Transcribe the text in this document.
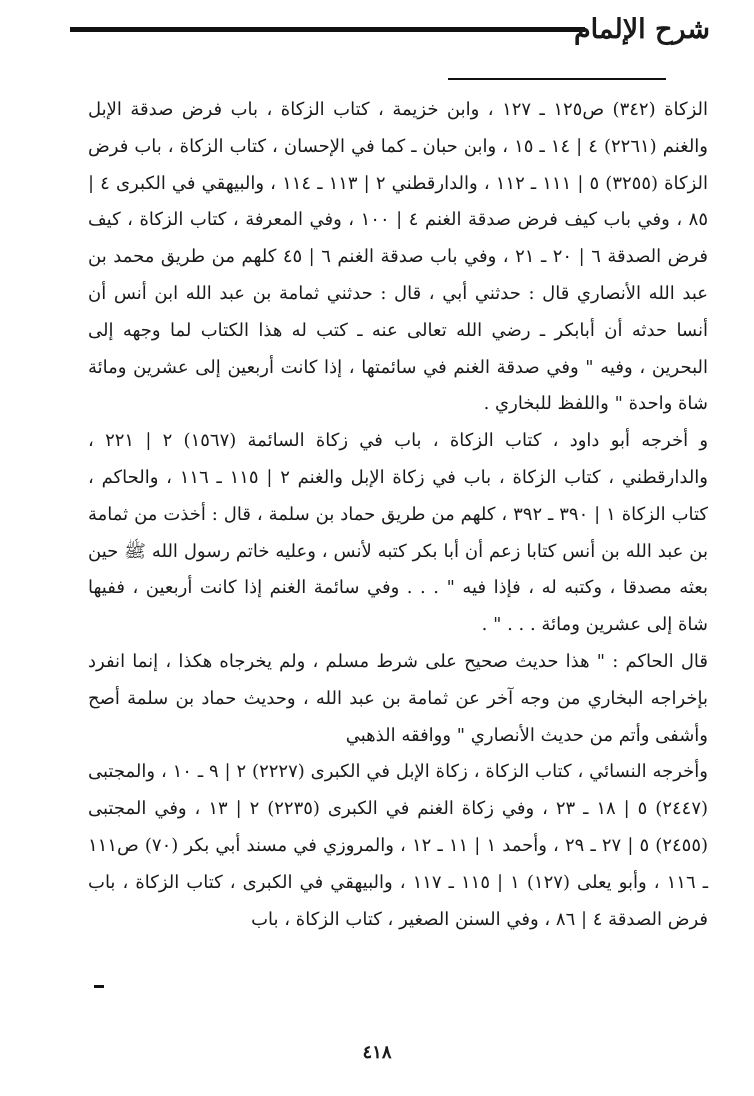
شرح الإلمام

الزكاة (٣٤٢) ص١٢٥ ـ ١٢٧ ، وابن خزيمة ، كتاب الزكاة ، باب فرض صدقة الإبل والغنم (٢٢٦١) ٤ | ١٤ ـ ١٥ ، وابن حبان ـ كما في الإحسان ، كتاب الزكاة ، باب فرض الزكاة (٣٢٥٥) ٥ | ١١١ ـ ١١٢ ، والدارقطني ٢ | ١١٣ ـ ١١٤ ، والبيهقي في الكبرى ٤ | ٨٥ ، وفي باب كيف فرض صدقة الغنم ٤ | ١٠٠ ، وفي المعرفة ، كتاب الزكاة ، كيف فرض الصدقة ٦ | ٢٠ ـ ٢١ ، وفي باب صدقة الغنم ٦ | ٤٥ كلهم من طريق محمد بن عبد الله الأنصاري قال : حدثني أبي ، قال : حدثني ثمامة بن عبد الله ابن أنس أن أنسا حدثه أن أبابكر ـ رضي الله تعالى عنه ـ كتب له هذا الكتاب لما وجهه إلى البحرين ، وفيه " وفي صدقة الغنم في سائمتها ، إذا كانت أربعين إلى عشرين ومائة شاة واحدة " واللفظ للبخاري .

و أخرجه أبو داود ، كتاب الزكاة ، باب في زكاة السائمة (١٥٦٧) ٢ | ٢٢١ ، والدارقطني ، كتاب الزكاة ، باب في زكاة الإبل والغنم ٢ | ١١٥ ـ ١١٦ ، والحاكم ، كتاب الزكاة ١ | ٣٩٠ ـ ٣٩٢ ، كلهم من طريق حماد بن سلمة ، قال : أخذت من ثمامة بن عبد الله بن أنس كتابا زعم أن أبا بكر كتبه لأنس ، وعليه خاتم رسول الله ﷺ حين بعثه مصدقا ، وكتبه له ، فإذا فيه " . . . وفي سائمة الغنم إذا كانت أربعين ، ففيها شاة إلى عشرين ومائة . . . " .

قال الحاكم : " هذا حديث صحيح على شرط مسلم ، ولم يخرجاه هكذا ، إنما انفرد بإخراجه البخاري من وجه آخر عن ثمامة بن عبد الله ، وحديث حماد بن سلمة أصح وأشفى وأتم من حديث الأنصاري " ووافقه الذهبي

وأخرجه النسائي ، كتاب الزكاة ، زكاة الإبل في الكبرى (٢٢٢٧) ٢ | ٩ ـ ١٠ ، والمجتبى (٢٤٤٧) ٥ | ١٨ ـ ٢٣ ، وفي زكاة الغنم في الكبرى (٢٢٣٥) ٢ | ١٣ ، وفي المجتبى (٢٤٥٥) ٥ | ٢٧ ـ ٢٩ ، وأحمد ١ | ١١ ـ ١٢ ، والمروزي في مسند أبي بكر (٧٠) ص١١١ ـ ١١٦ ، وأبو يعلى (١٢٧) ١ | ١١٥ ـ ١١٧ ، والبيهقي في الكبرى ، كتاب الزكاة ، باب فرض الصدقة ٤ | ٨٦ ، وفي السنن الصغير ، كتاب الزكاة ، باب

٤١٨
